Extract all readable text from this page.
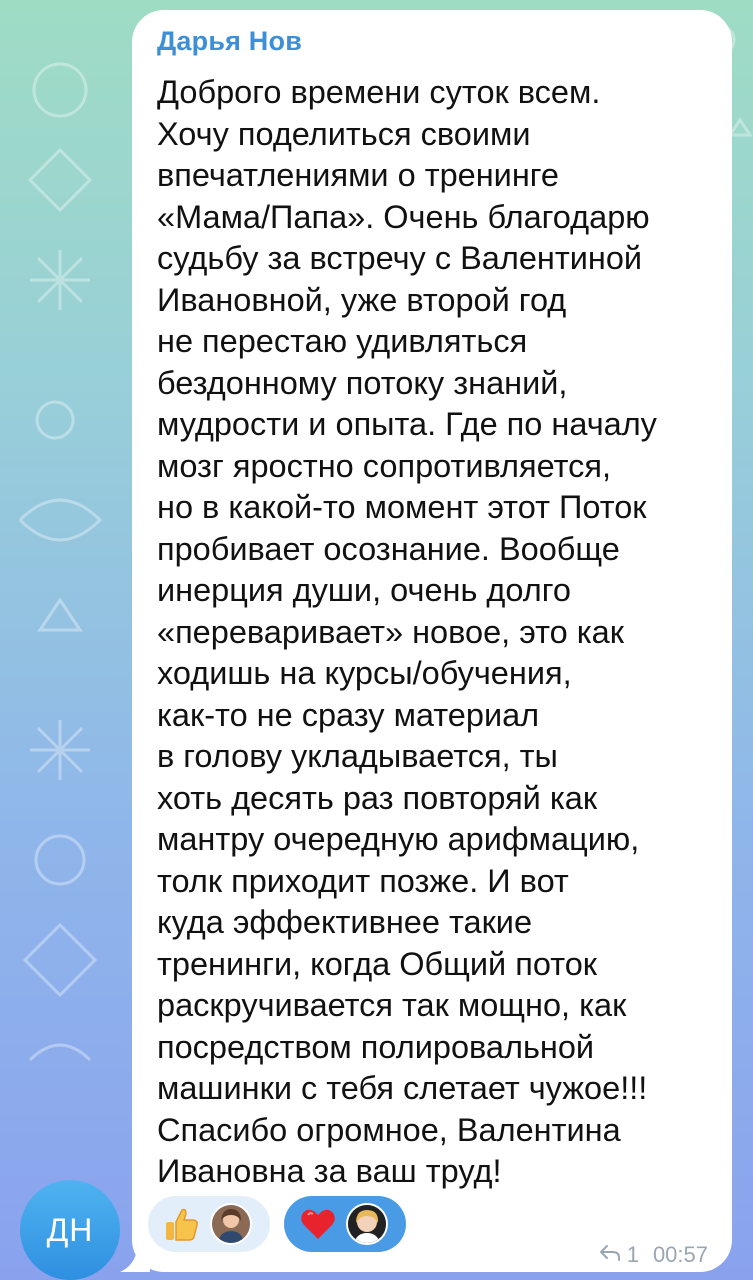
Дарья Нов
Доброго времени суток всем.
Хочу поделиться своими
впечатлениями о тренинге
«Мама/Папа». Очень благодарю
судьбу за встречу с Валентиной
Ивановной, уже второй год
не перестаю удивляться
бездонному потоку знаний,
мудрости и опыта. Где по началу
мозг яростно сопротивляется,
но в какой-то момент этот Поток
пробивает осознание. Вообще
инерция души, очень долго
«переваривает» новое, это как
ходишь на курсы/обучения,
как-то не сразу материал
в голову укладывается, ты
хоть десять раз повторяй как
мантру очередную арифмацию,
толк приходит позже. И вот
куда эффективнее такие
тренинги, когда Общий поток
раскручивается так мощно, как
посредством полировальной
машинки с тебя слетает чужое!!!
Спасибо огромное, Валентина
Ивановна за ваш труд!
1 00:57
ДН
